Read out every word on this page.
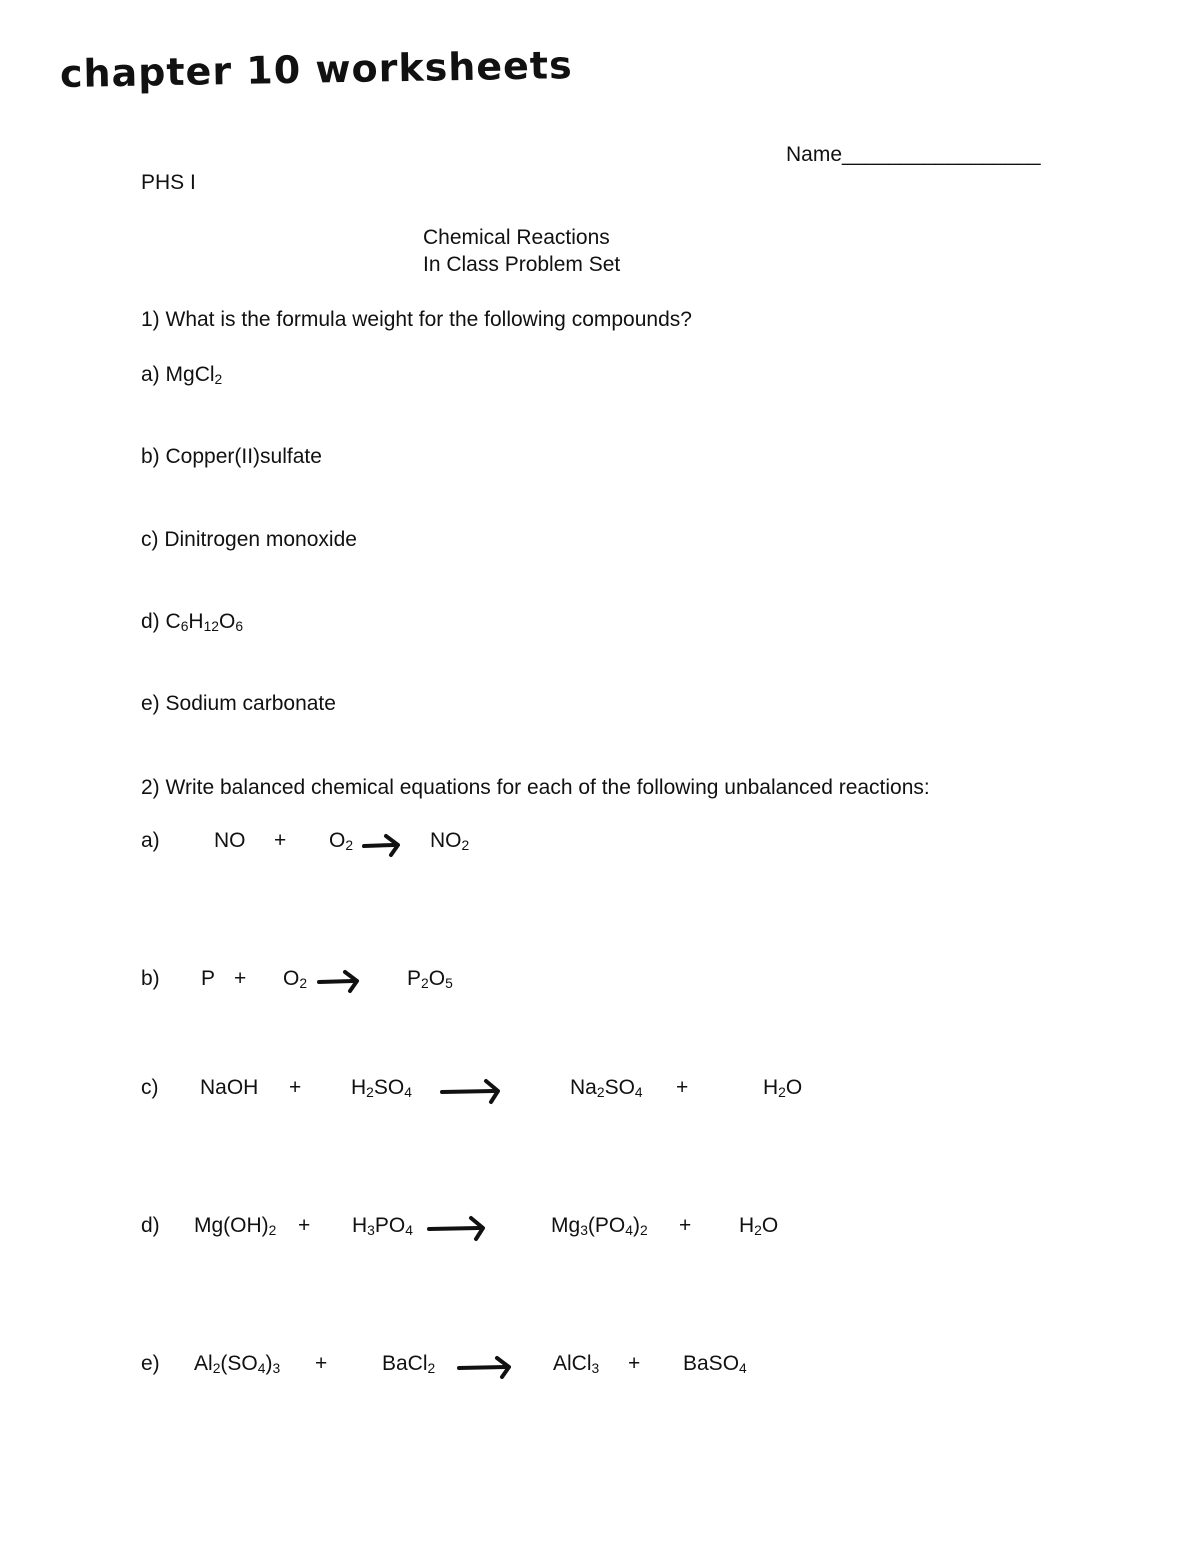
chapter 10 worksheets
Name_________________
PHS I
Chemical Reactions
In Class Problem Set
1) What is the formula weight for the following compounds?
a) MgCl$_2$
b) Copper(II)sulfate
c) Dinitrogen monoxide
d) $C_6H_{12}O_6$
e) Sodium carbonate
2) Write balanced chemical equations for each of the following unbalanced reactions:
a)	NO + $O_2 \to NO_2$
b) $P + O_2 \to P_2O_5$
c) NaOH + $H_2SO_4$	$Na_2SO_4$ +	$H_2O$
d) $Mg(OH)_2 + H_3PO_4$ →	$Mg_3(PO_4)_2 + H_2O$
e) $Al_2(SO_4)_3$ +	BaCl$_2$ → AlCl$_3$ + BaSO$_4$
